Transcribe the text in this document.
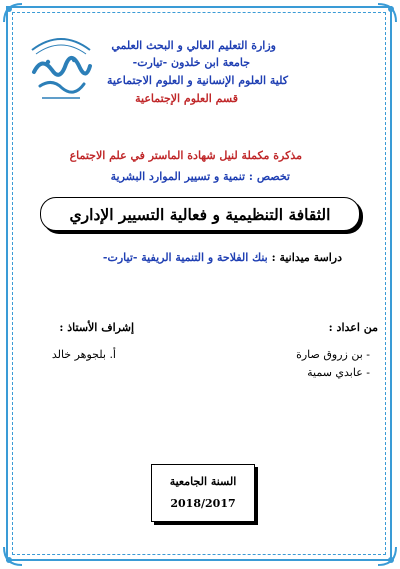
وزارة التعليم العالي و البحث العلمي
جامعة ابن خلدون -تيارت-
كلية العلوم الإنسانية و العلوم الاجتماعية
قسم العلوم الإجتماعية
مذكرة مكملة لنيل شهادة الماستر في علم الاجتماع
تخصص : تنمية و تسيير الموارد البشرية
الثقافة التنظيمية و فعالية التسيير الإداري
دراسة ميدانية : بنك الفلاحة و التنمية الريفية -تيارت-
من اعداد :
- بن زروق صارة
- عابدي سمية
إشراف الأستاذ :
أ. بلجوهر خالد
السنة الجامعية
2018/2017
